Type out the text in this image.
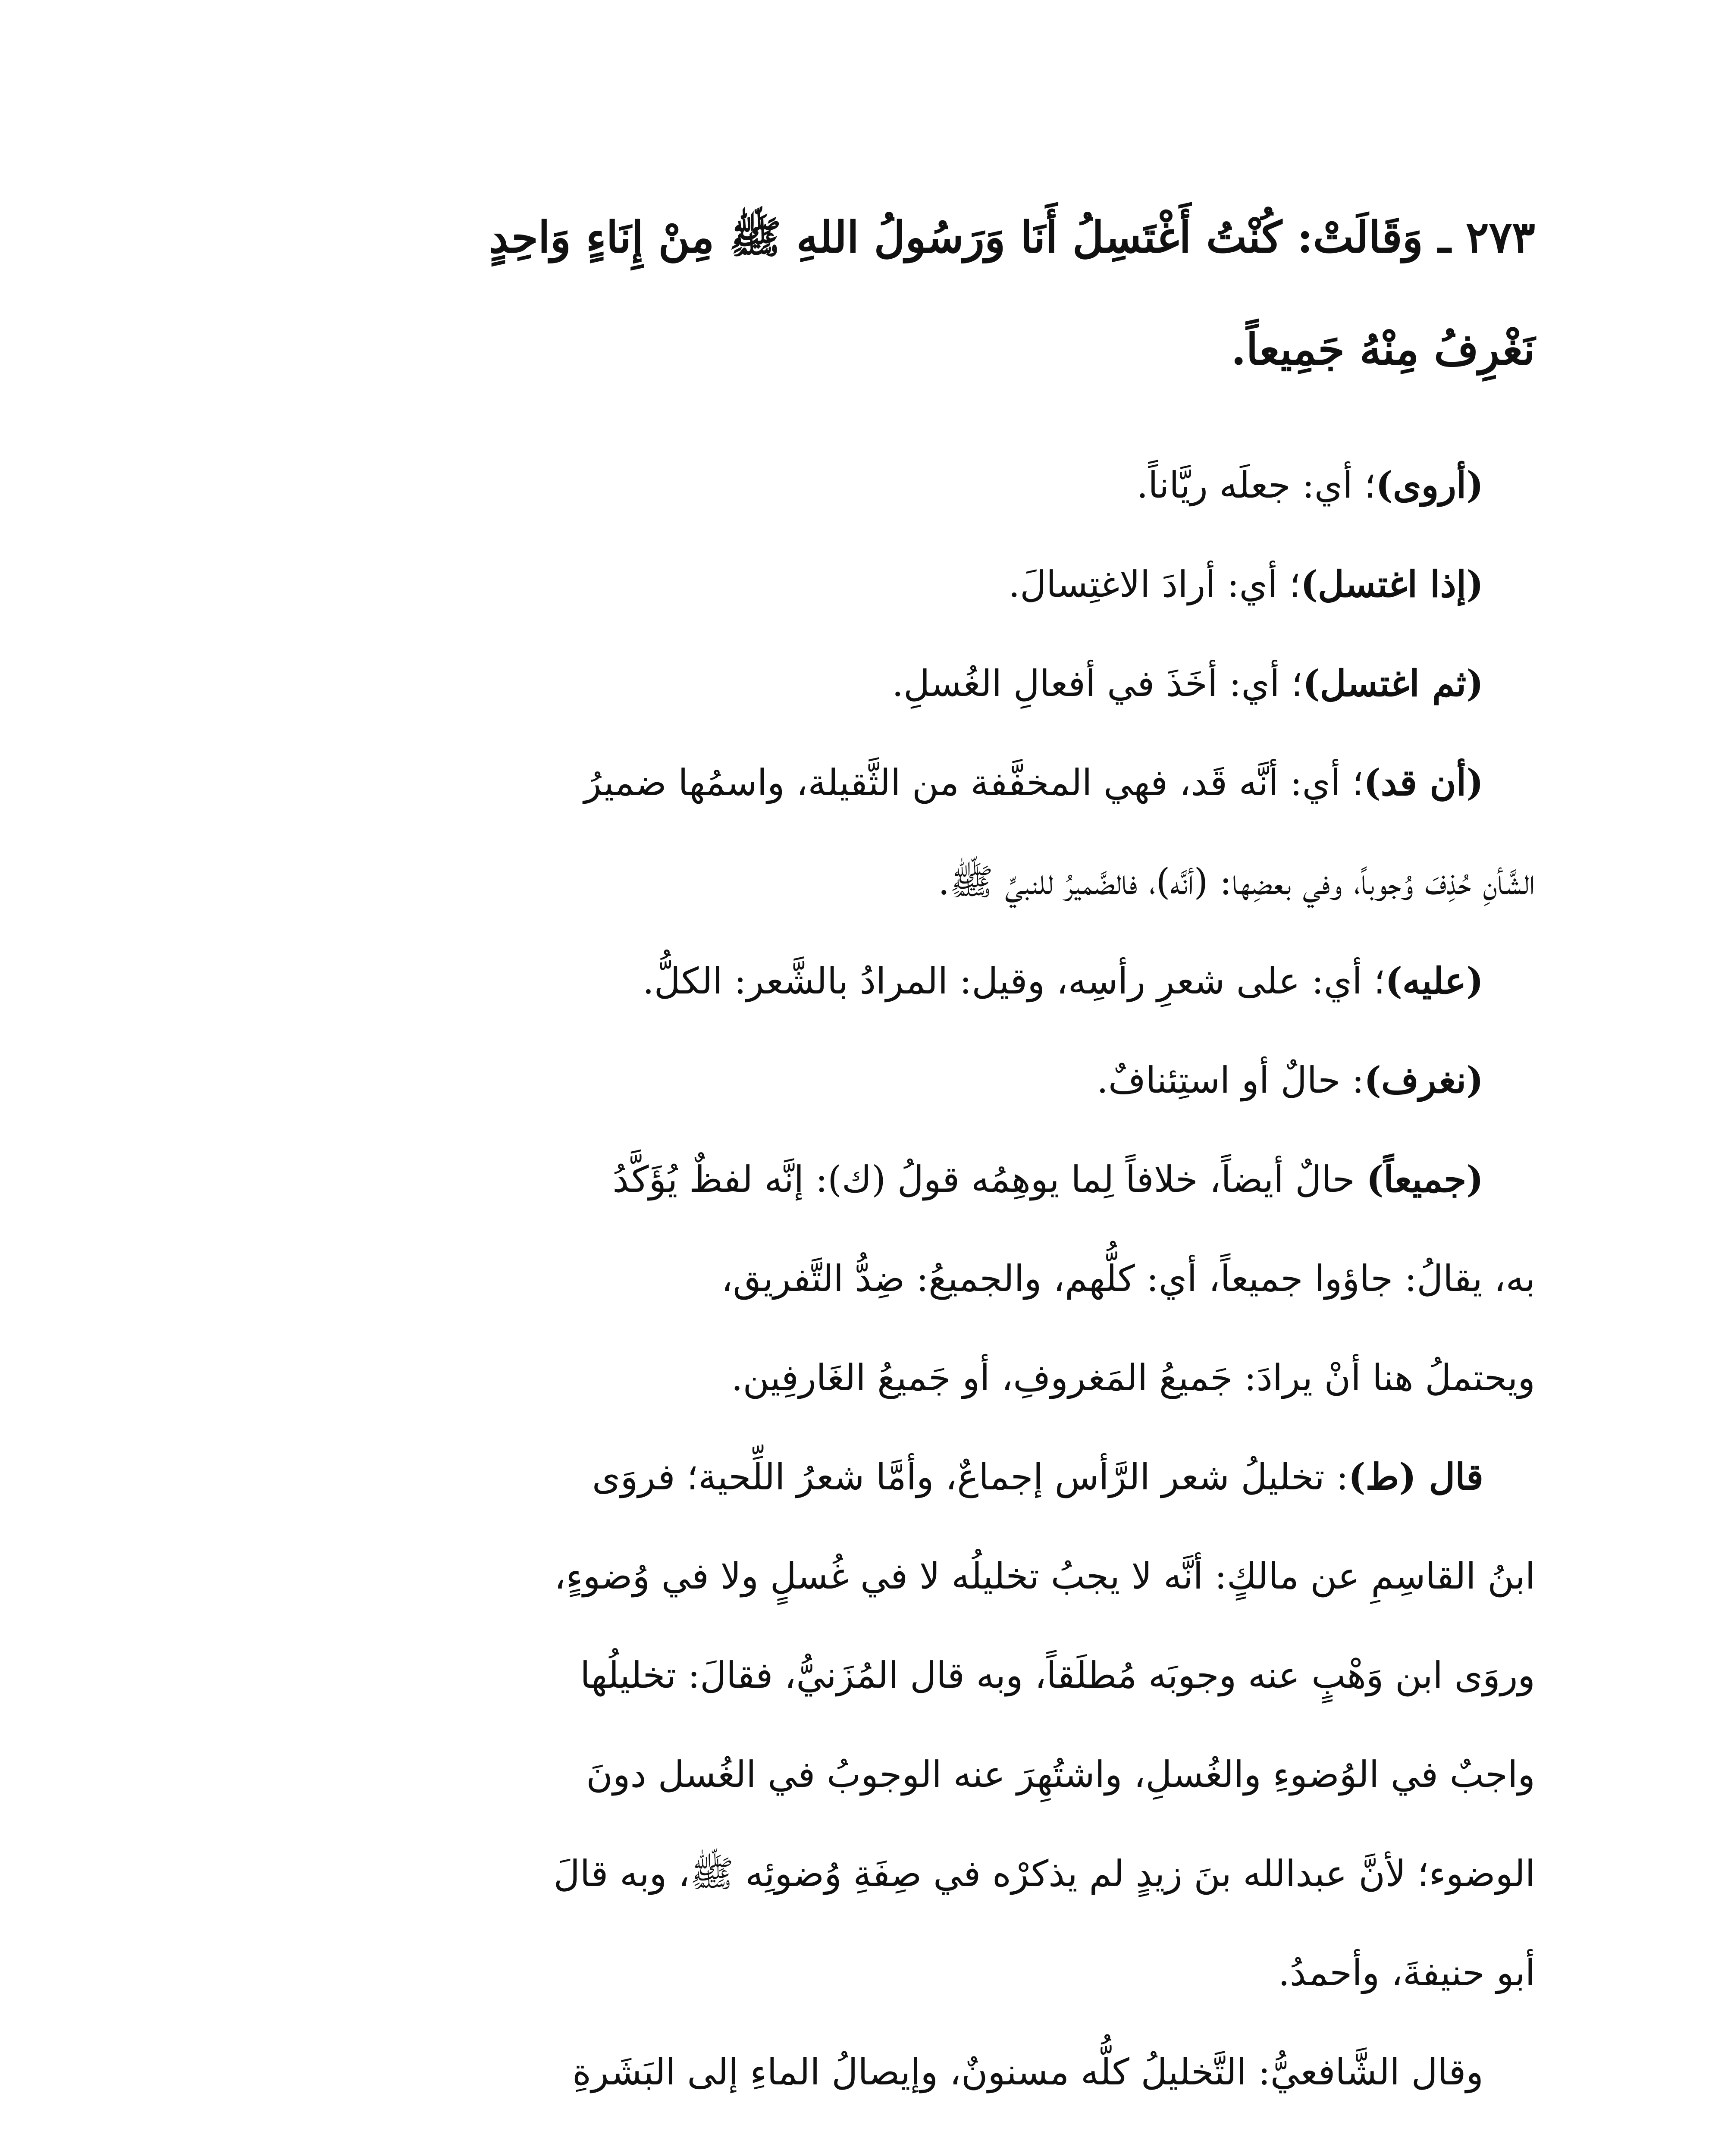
٢٧٣ ـ وَقَالَتْ: كُنْتُ أَغْتَسِلُ أَنَا وَرَسُولُ اللهِ ﷺ مِنْ إِنَاءٍ وَاحِدٍ
نَغْرِفُ مِنْهُ جَمِيعاً.

(أروى)؛ أي: جعلَه ريَّاناً.

(إذا اغتسل)؛ أي: أرادَ الاغتِسالَ.

(ثم اغتسل)؛ أي: أخَذَ في أفعالِ الغُسلِ.

(أن قد)؛ أي: أنَّه قَد، فهي المخفَّفة من الثَّقيلة، واسمُها ضميرُ
الشَّأنِ حُذِفَ وُجوباً، وفي بعضِها: (أنَّه)، فالضَّميرُ للنبيِّ ﷺ.

(عليه)؛ أي: على شعرِ رأسِه، وقيل: المرادُ بالشَّعر: الكلُّ.

(نغرف): حالٌ أو استِئنافٌ.

(جميعاً) حالٌ أيضاً، خلافاً لِما يوهِمُه قولُ (ك): إنَّه لفظٌ يُؤَكَّدُ
به، يقالُ: جاؤوا جميعاً، أي: كلُّهم، والجميعُ: ضِدُّ التَّفريق،
ويحتملُ هنا أنْ يرادَ: جَميعُ المَغروفِ، أو جَميعُ الغَارفِين.

قال (ط): تخليلُ شعر الرَّأس إجماعٌ، وأمَّا شعرُ اللِّحية؛ فروَى
ابنُ القاسِمِ عن مالكٍ: أنَّه لا يجبُ تخليلُه لا في غُسلٍ ولا في وُضوءٍ،
وروَى ابن وَهْبٍ عنه وجوبَه مُطلَقاً، وبه قال المُزَنيُّ، فقالَ: تخليلُها
واجبٌ في الوُضوءِ والغُسلِ، واشتُهِرَ عنه الوجوبُ في الغُسل دونَ
الوضوء؛ لأنَّ عبدالله بنَ زيدٍ لم يذكرْه في صِفَةِ وُضوئِه ﷺ، وبه قالَ
أبو حنيفةَ، وأحمدُ.

وقال الشَّافعيُّ: التَّخليلُ كلُّه مسنونٌ، وإيصالُ الماءِ إلى البَشَرةِ
